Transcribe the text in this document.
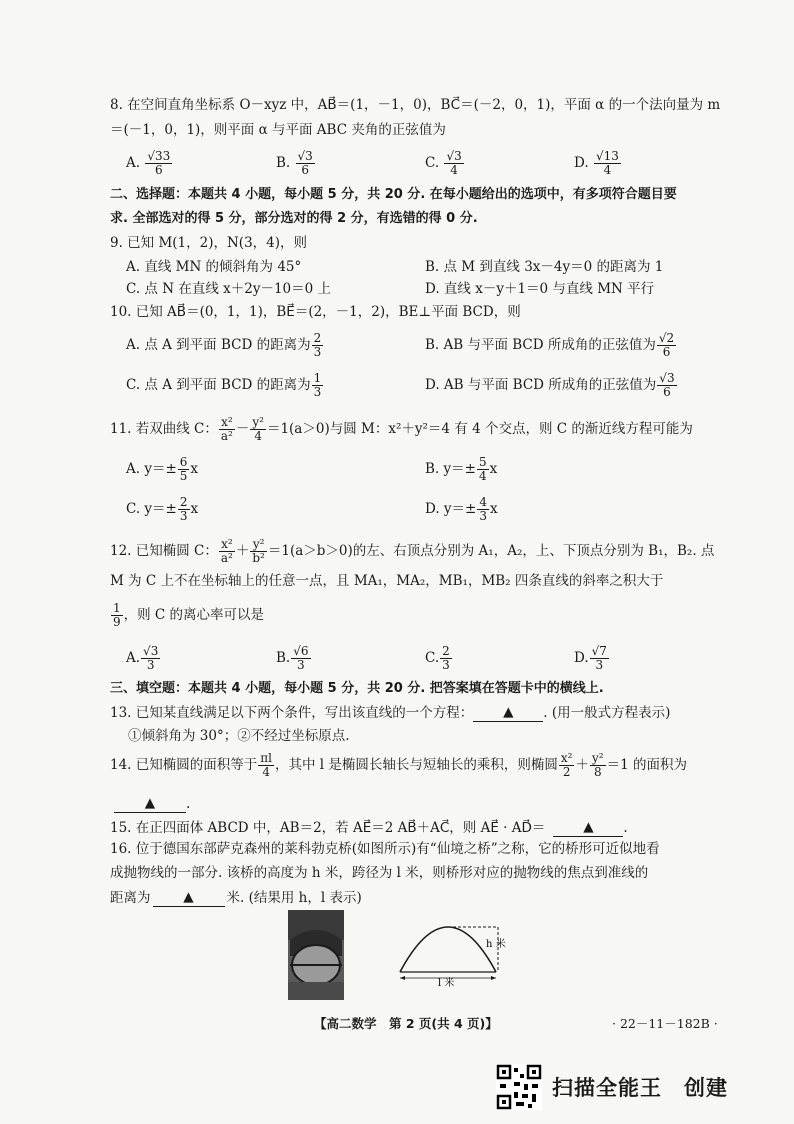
8. 在空间直角坐标系 O－xyz 中，AB⃗＝(1，－1，0)，BC⃗＝(－2，0，1)，平面 α 的一个法向量为 m
＝(－1，0，1)，则平面 α 与平面 ABC 夹角的正弦值为
A. $\frac{√33}{6}$	B. $\frac{√3}{6}$	C. $\frac{√3}{4}$	D. $\frac{√13}{4}$
二、选择题：本题共 4 小题，每小题 5 分，共 20 分. 在每小题给出的选项中，有多项符合题目要
求. 全部选对的得 5 分，部分选对的得 2 分，有选错的得 0 分.
9. 已知 M(1，2)，N(3，4)，则
A. 直线 MN 的倾斜角为 45°	B. 点 M 到直线 3x－4y＝0 的距离为 1
C. 点 N 在直线 x＋2y－10＝0 上	D. 直线 x－y＋1＝0 与直线 MN 平行
10. 已知 AB⃗＝(0，1，1)，BE⃗＝(2，－1，2)，BE⊥平面 BCD，则
A. 点 A 到平面 BCD 的距离为 $\frac{2}{3}$	B. AB 与平面 BCD 所成角的正弦值为 $\frac{√2}{6}$
C. 点 A 到平面 BCD 的距离为 $\frac{1}{3}$	D. AB 与平面 BCD 所成角的正弦值为 $\frac{√3}{6}$
11. 若双曲线 C： $\frac{\text{x²}}{\text{a²}} - \frac{\text{y²}}{4} =1(a>0)$与圆 M：x²＋y²＝4 有 4 个交点，则 C 的渐近线方程可能为
A. $y=\pm \frac{6}{5}$ x	B. $y=\pm \frac{5}{4}$ x
C. $y=\pm \frac{2}{3}$ x	D. $y=\pm \frac{4}{3}$ x
12. 已知椭圆 C： $\frac{\text{x²}}{\text{a²}} + \frac{\text{y²}}{\text{b²}} =1(a>b>0)$的左、右顶点分别为 A₁，A₂，上、下顶点分别为 B₁，B₂. 点
M 为 C 上不在坐标轴上的任意一点，且 MA₁，MA₂，MB₁，MB₂ 四条直线的斜率之积大于
$\frac{1}{9}$ ，则 C 的离心率可以是
A. $\frac{√3}{3}$	B. $\frac{√6}{3}$	C. $\frac{2}{3}$	D. $\frac{√7}{3}$
三、填空题：本题共 4 小题，每小题 5 分，共 20 分. 把答案填在答题卡中的横线上.
13. 已知某直线满足以下两个条件，写出该直线的一个方程： ▲ . (用一般式方程表示)
①倾斜角为 30°；②不经过坐标原点.
14. 已知椭圆的面积等于 $\frac{\pi l}{4}$ ，其中 l 是椭圆长轴长与短轴长的乘积，则椭圆 $\frac{\text{x²}}{2} + \frac{\text{y²}}{8} =1$ 的面积为
▲ .
15. 在正四面体 ABCD 中，AB＝2，若 AE⃗＝2 AB⃗＋AC⃗，则 AE⃗ · AD⃗＝	▲ .
16. 位于德国东部萨克森州的莱科勃克桥(如图所示)有“仙境之桥”之称，它的桥形可近似地看
成抛物线的一部分. 该桥的高度为 h 米，跨径为 l 米，则桥形对应的抛物线的焦点到准线的
距离为 ▲ 米. (结果用 h，l 表示)
h 米
l 米
【高二数学　第 2 页(共 4 页)】	· 22－11－182B ·
扫描全能王　创建
